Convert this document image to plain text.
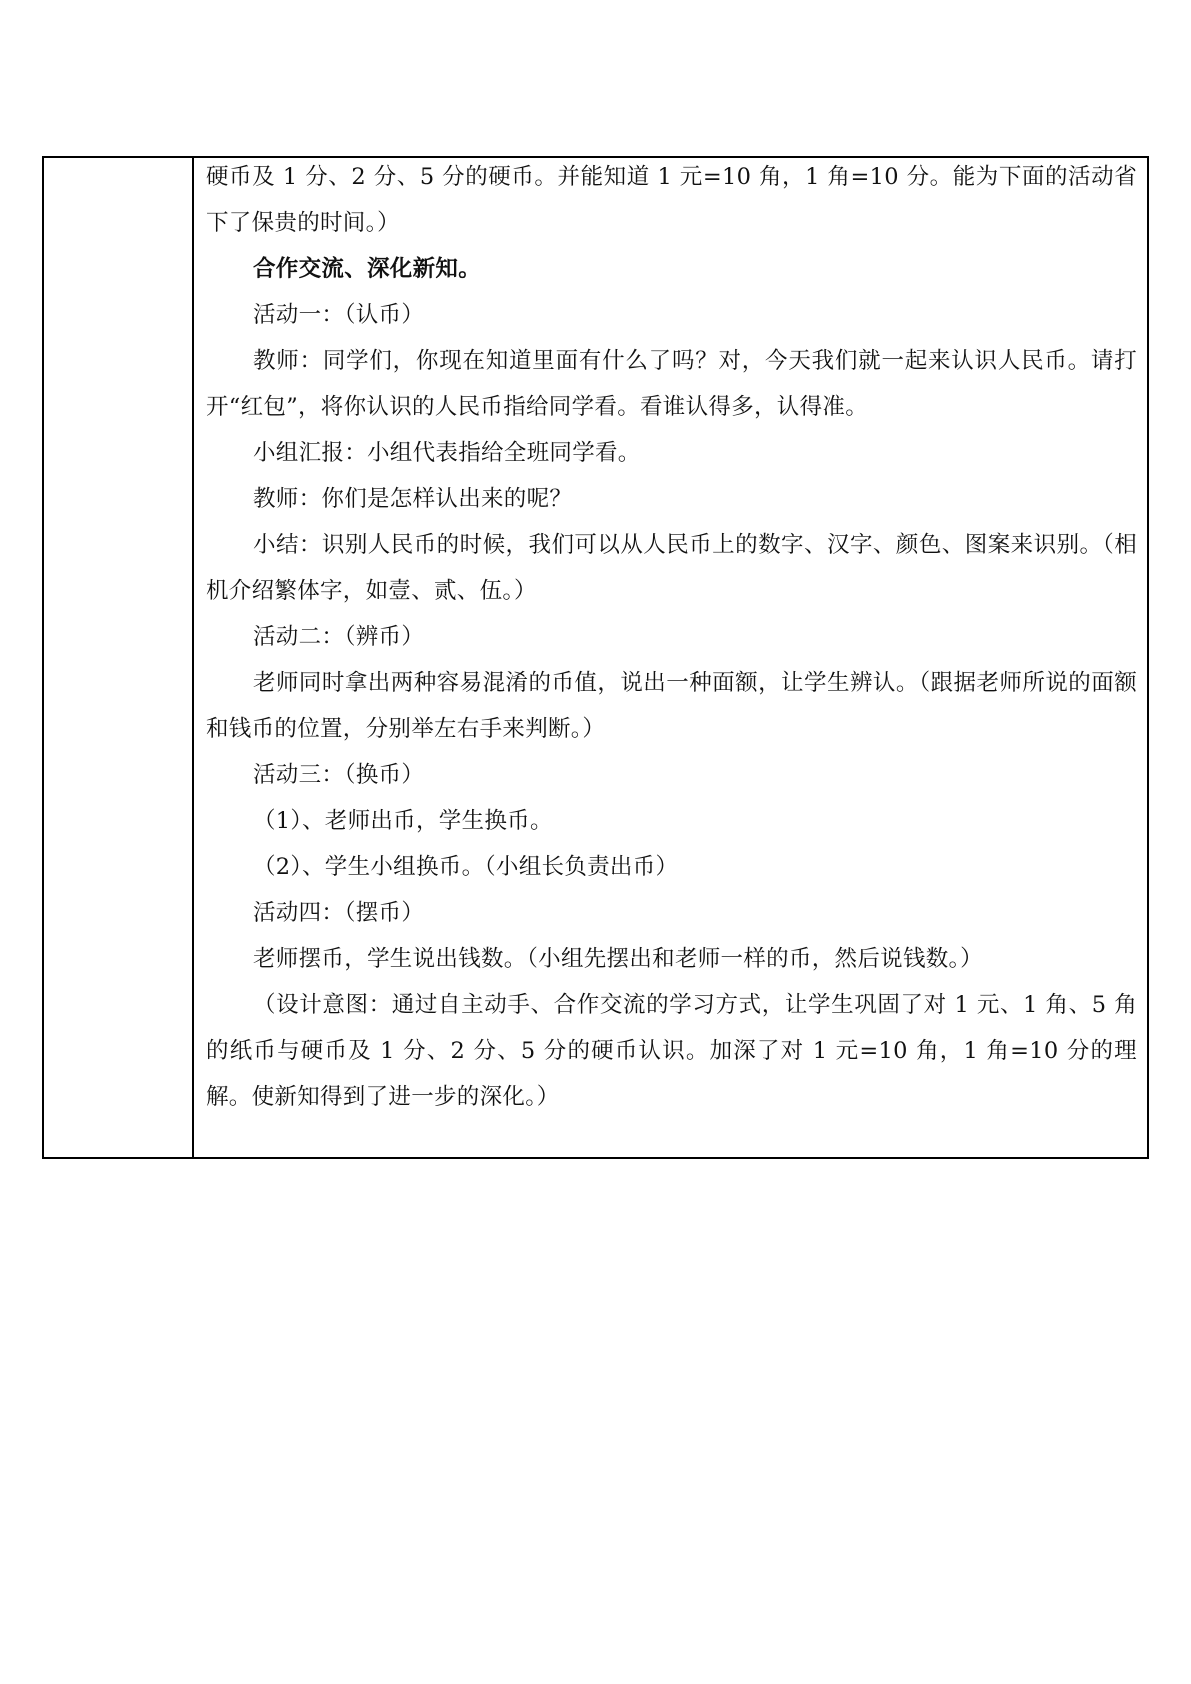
硬币及 1 分、2 分、5 分的硬币。并能知道 1 元=10 角，1 角=10 分。能为下面的活动省下了保贵的时间。）

合作交流、深化新知。

活动一：（认币）

教师：同学们，你现在知道里面有什么了吗？对，今天我们就一起来认识人民币。请打开“红包”，将你认识的人民币指给同学看。看谁认得多，认得准。

小组汇报：小组代表指给全班同学看。

教师：你们是怎样认出来的呢？

小结：识别人民币的时候，我们可以从人民币上的数字、汉字、颜色、图案来识别。（相机介绍繁体字，如壹、贰、伍。）

活动二：（辨币）

老师同时拿出两种容易混淆的币值，说出一种面额，让学生辨认。（跟据老师所说的面额和钱币的位置，分别举左右手来判断。）

活动三：（换币）

（1）、老师出币，学生换币。

（2）、学生小组换币。（小组长负责出币）

活动四：（摆币）

老师摆币，学生说出钱数。（小组先摆出和老师一样的币，然后说钱数。）

（设计意图：通过自主动手、合作交流的学习方式，让学生巩固了对 1 元、1 角、5 角的纸币与硬币及 1 分、2 分、5 分的硬币认识。加深了对 1 元=10 角，1 角=10 分的理解。使新知得到了进一步的深化。）
